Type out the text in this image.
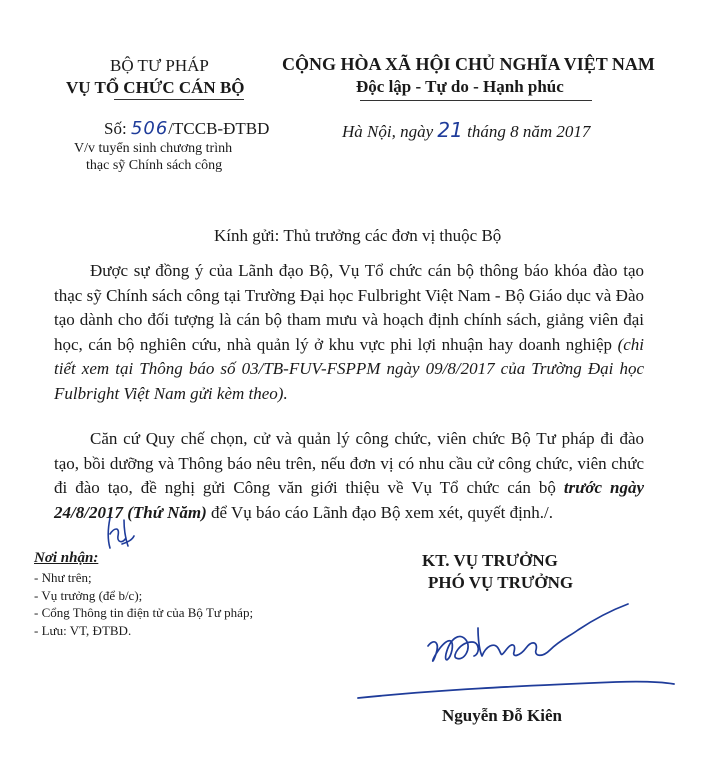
BỘ TƯ PHÁP
VỤ TỔ CHỨC CÁN BỘ
CỘNG HÒA XÃ HỘI CHỦ NGHĨA VIỆT NAM
Độc lập - Tự do - Hạnh phúc
Số: 506/TCCB-ĐTBD
V/v tuyển sinh chương trình
thạc sỹ Chính sách công
Hà Nội, ngày 21 tháng 8 năm 2017
Kính gửi: Thủ trưởng các đơn vị thuộc Bộ
Được sự đồng ý của Lãnh đạo Bộ, Vụ Tổ chức cán bộ thông báo khóa đào tạo thạc sỹ Chính sách công tại Trường Đại học Fulbright Việt Nam - Bộ Giáo dục và Đào tạo dành cho đối tượng là cán bộ tham mưu và hoạch định chính sách, giảng viên đại học, cán bộ nghiên cứu, nhà quản lý ở khu vực phi lợi nhuận hay doanh nghiệp (chi tiết xem tại Thông báo số 03/TB-FUV-FSPPM ngày 09/8/2017 của Trường Đại học Fulbright Việt Nam gửi kèm theo).
Căn cứ Quy chế chọn, cử và quản lý công chức, viên chức Bộ Tư pháp đi đào tạo, bồi dưỡng và Thông báo nêu trên, nếu đơn vị có nhu cầu cử công chức, viên chức đi đào tạo, đề nghị gửi Công văn giới thiệu về Vụ Tổ chức cán bộ trước ngày 24/8/2017 (Thứ Năm) để Vụ báo cáo Lãnh đạo Bộ xem xét, quyết định./.
Nơi nhận:
- Như trên;
- Vụ trưởng (để b/c);
- Cổng Thông tin điện tử của Bộ Tư pháp;
- Lưu: VT, ĐTBD.
KT. VỤ TRƯỞNG
PHÓ VỤ TRƯỞNG
Nguyễn Đỗ Kiên
